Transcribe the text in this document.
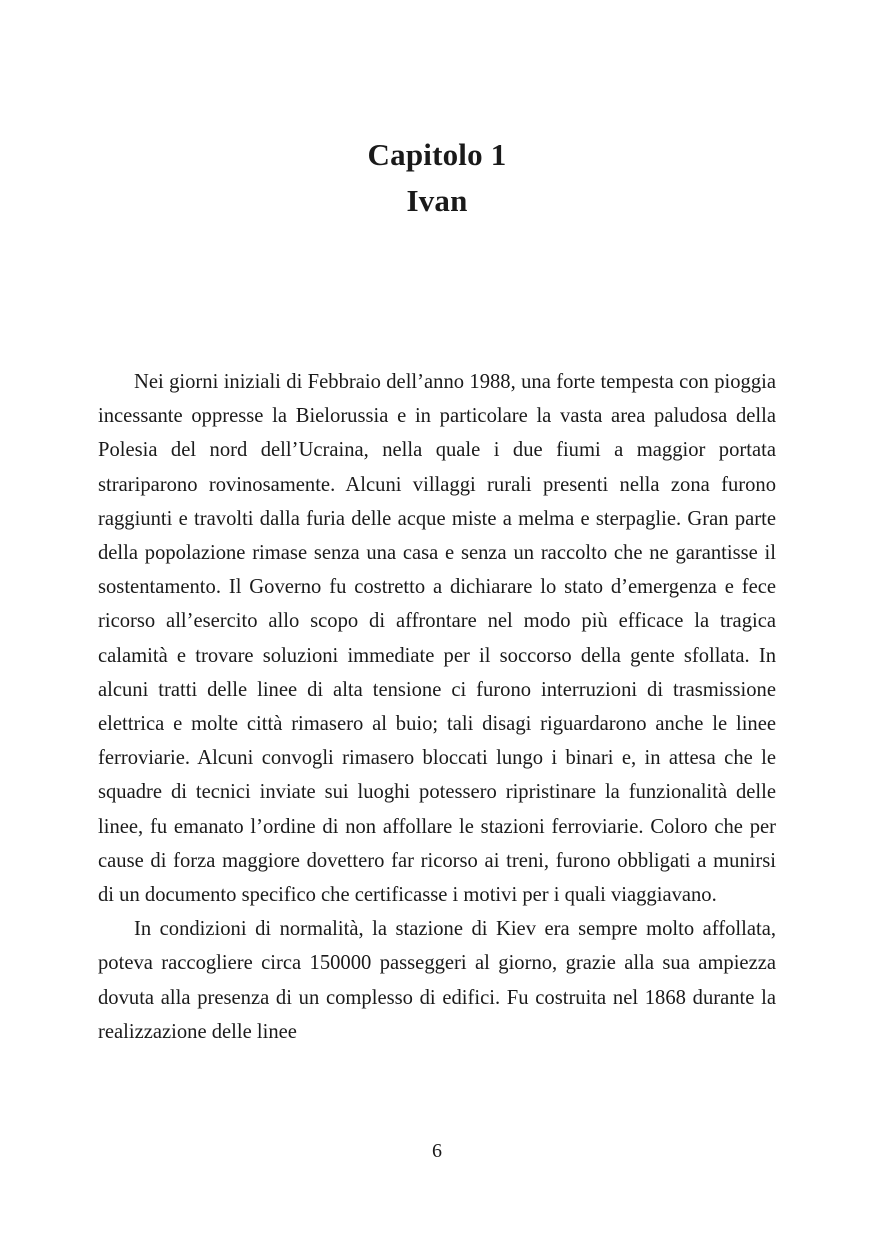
Capitolo 1
Ivan

Nei giorni iniziali di Febbraio dell’anno 1988, una forte tempesta con pioggia incessante oppresse la Bielorussia e in particolare la vasta area paludosa della Polesia del nord dell’Ucraina, nella quale i due fiumi a maggior portata strariparono rovinosamente. Alcuni villaggi rurali presenti nella zona furono raggiunti e travolti dalla furia delle acque miste a melma e sterpaglie. Gran parte della popolazione rimase senza una casa e senza un raccolto che ne garantisse il sostentamento. Il Governo fu costretto a dichiarare lo stato d’emergenza e fece ricorso all’esercito allo scopo di affrontare nel modo più efficace la tragica calamità e trovare soluzioni immediate per il soccorso della gente sfollata. In alcuni tratti delle linee di alta tensione ci furono interruzioni di trasmissione elettrica e molte città rimasero al buio; tali disagi riguardarono anche le linee ferroviarie. Alcuni convogli rimasero bloccati lungo i binari e, in attesa che le squadre di tecnici inviate sui luoghi potessero ripristinare la funzionalità delle linee, fu emanato l’ordine di non affollare le stazioni ferroviarie. Coloro che per cause di forza maggiore dovettero far ricorso ai treni, furono obbligati a munirsi di un documento specifico che certificasse i motivi per i quali viaggiavano.

In condizioni di normalità, la stazione di Kiev era sempre molto affollata, poteva raccogliere circa 150000 passeggeri al giorno, grazie alla sua ampiezza dovuta alla presenza di un complesso di edifici. Fu costruita nel 1868 durante la realizzazione delle linee

6
